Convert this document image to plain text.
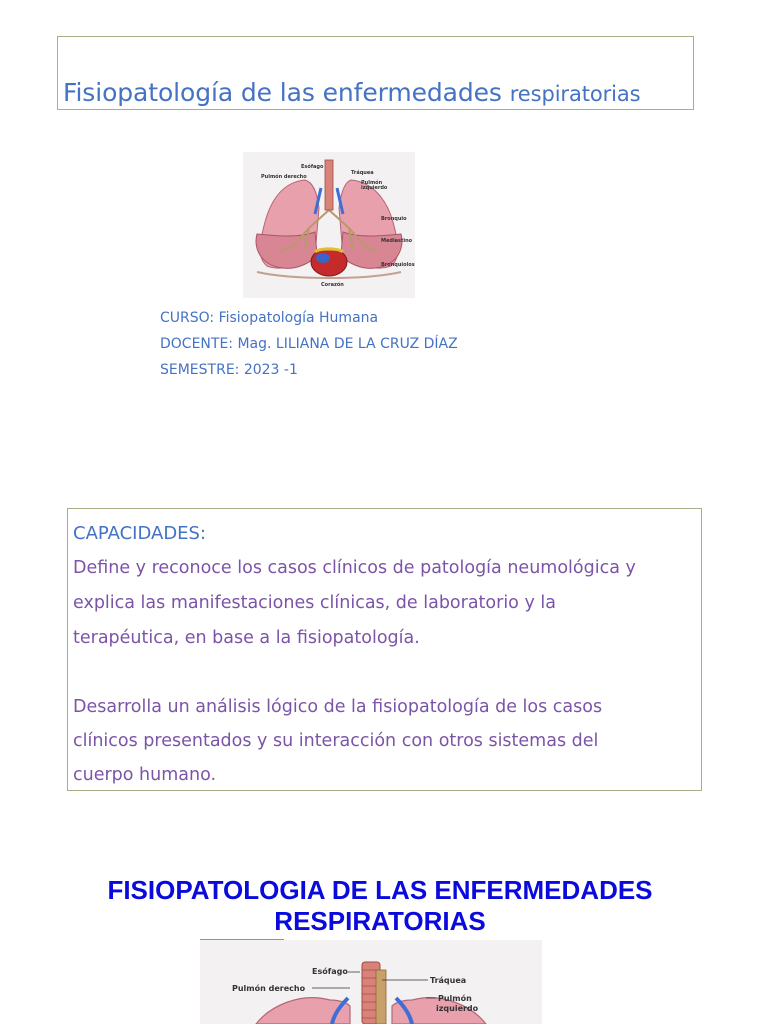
Fisiopatología de las enfermedades respiratorias
Esófago
Tráquea
Pulmón derecho
Pulmón
izquierdo
Bronquio
Mediastino
Bronquiolos
Corazón
CURSO: Fisiopatología Humana
DOCENTE: Mag. LILIANA DE LA CRUZ DÍAZ
SEMESTRE: 2023 -1
CAPACIDADES:
Define y reconoce los casos clínicos de patología neumológica y
explica las manifestaciones clínicas, de laboratorio y la
terapéutica, en base a la fisiopatología.
Desarrolla un análisis lógico de la fisiopatología de los casos
clínicos presentados y su interacción con otros sistemas del
cuerpo humano.
FISIOPATOLOGIA DE LAS ENFERMEDADES
RESPIRATORIAS
Esófago
Tráquea
Pulmón derecho
Pulmón
izquierdo
